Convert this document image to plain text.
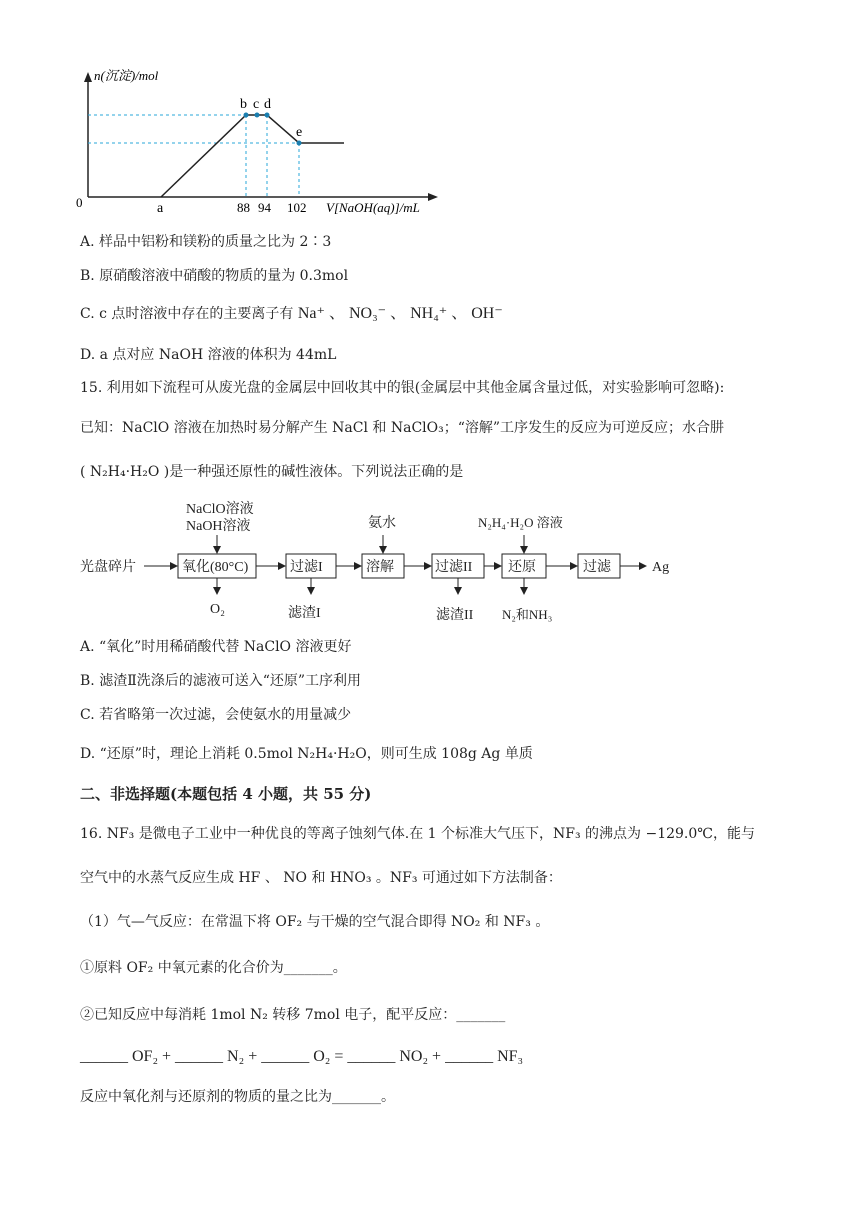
n(沉淀)/mol
0	a
b c d
e
88 94 102 V[NaOH(aq)]/mL
A. 样品中铝粉和镁粉的质量之比为 2∶3
B. 原硝酸溶液中硝酸的物质的量为 0.3mol
C. c 点时溶液中存在的主要离子有 Na⁺ 、 NO₃⁻ 、 NH₄⁺ 、 OH⁻
D. a 点对应 NaOH 溶液的体积为 44mL
15. 利用如下流程可从废光盘的金属层中回收其中的银(金属层中其他金属含量过低，对实验影响可忽略):
已知：NaClO 溶液在加热时易分解产生 NaCl 和 NaClO₃；“溶解”工序发生的反应为可逆反应；水合肼
( N₂H₄·H₂O )是一种强还原性的碱性液体。下列说法正确的是
光盘碎片
NaClO溶液
NaOH溶液
氧化(80°C)
O₂
过滤I
滤渣I
氨水
溶解	过滤II
滤渣II
N₂H₄·H₂O 溶液
还原
N₂和NH₃
过滤	Ag
A. “氧化”时用稀硝酸代替 NaClO 溶液更好
B. 滤渣Ⅱ洗涤后的滤液可送入“还原”工序利用
C. 若省略第一次过滤，会使氨水的用量减少
D. “还原”时，理论上消耗 0.5mol N₂H₄·H₂O，则可生成 108g Ag 单质
二、非选择题(本题包括 4 小题，共 55 分)
16. NF₃ 是微电子工业中一种优良的等离子蚀刻气体.在 1 个标准大气压下，NF₃ 的沸点为 −129.0℃，能与
空气中的水蒸气反应生成 HF 、 NO 和 HNO₃ 。NF₃ 可通过如下方法制备：
（1）气—气反应：在常温下将 OF₂ 与干燥的空气混合即得 NO₂ 和 NF₃ 。
①原料 OF₂ 中氧元素的化合价为_______。
②已知反应中每消耗 1mol N₂ 转移 7mol 电子，配平反应：_______
______ OF₂ + ______ N₂ + ______ O₂ = ______ NO₂ + ______ NF₃
反应中氧化剂与还原剂的物质的量之比为_______。
